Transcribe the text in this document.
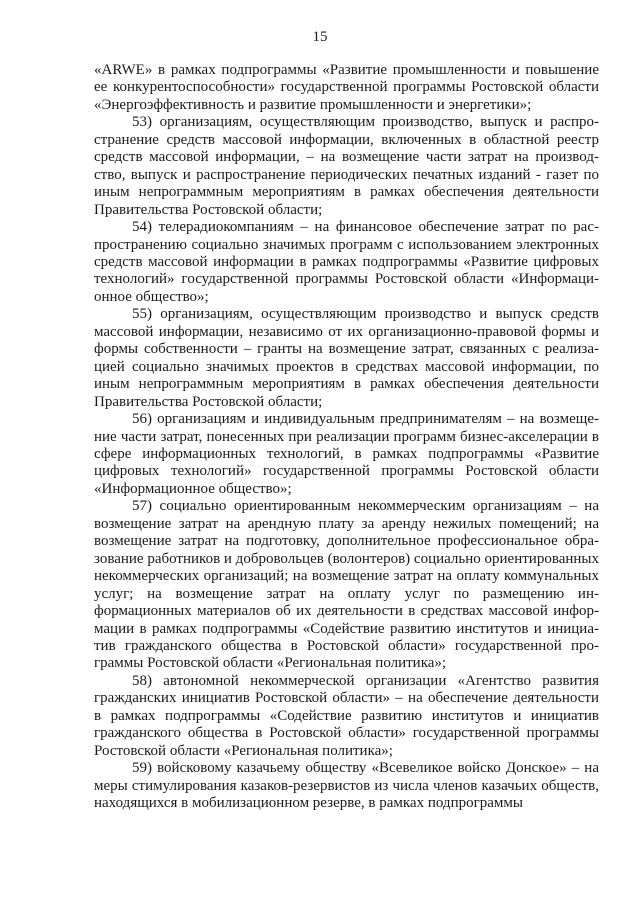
15

«ARWE» в рамках подпрограммы «Развитие промышленности и повышение ее конкурентоспособности» государственной программы Ростовской области «Энергоэффективность и развитие промышленности и энергетики»;

53) организациям, осуществляющим производство, выпуск и распространение средств массовой информации, включенных в областной реестр средств массовой информации, – на возмещение части затрат на производство, выпуск и распространение периодических печатных изданий - газет по иным непрограммным мероприятиям в рамках обеспечения деятельности Правительства Ростовской области;

54) телерадиокомпаниям – на финансовое обеспечение затрат по распространению социально значимых программ с использованием электронных средств массовой информации в рамках подпрограммы «Развитие цифровых технологий» государственной программы Ростовской области «Информационное общество»;

55) организациям, осуществляющим производство и выпуск средств массовой информации, независимо от их организационно-правовой формы и формы собственности – гранты на возмещение затрат, связанных с реализацией социально значимых проектов в средствах массовой информации, по иным непрограммным мероприятиям в рамках обеспечения деятельности Правительства Ростовской области;

56) организациям и индивидуальным предпринимателям – на возмещение части затрат, понесенных при реализации программ бизнес-акселерации в сфере информационных технологий, в рамках подпрограммы «Развитие цифровых технологий» государственной программы Ростовской области «Информационное общество»;

57) социально ориентированным некоммерческим организациям – на возмещение затрат на арендную плату за аренду нежилых помещений; на возмещение затрат на подготовку, дополнительное профессиональное образование работников и добровольцев (волонтеров) социально ориентированных некоммерческих организаций; на возмещение затрат на оплату коммунальных услуг; на возмещение затрат на оплату услуг по размещению информационных материалов об их деятельности в средствах массовой информации в рамках подпрограммы «Содействие развитию институтов и инициатив гражданского общества в Ростовской области» государственной программы Ростовской области «Региональная политика»;

58) автономной некоммерческой организации «Агентство развития гражданских инициатив Ростовской области» – на обеспечение деятельности в рамках подпрограммы «Содействие развитию институтов и инициатив гражданского общества в Ростовской области» государственной программы Ростовской области «Региональная политика»;

59) войсковому казачьему обществу «Всевеликое войско Донское» – на меры стимулирования казаков-резервистов из числа членов казачьих обществ, находящихся в мобилизационном резерве, в рамках подпрограммы
